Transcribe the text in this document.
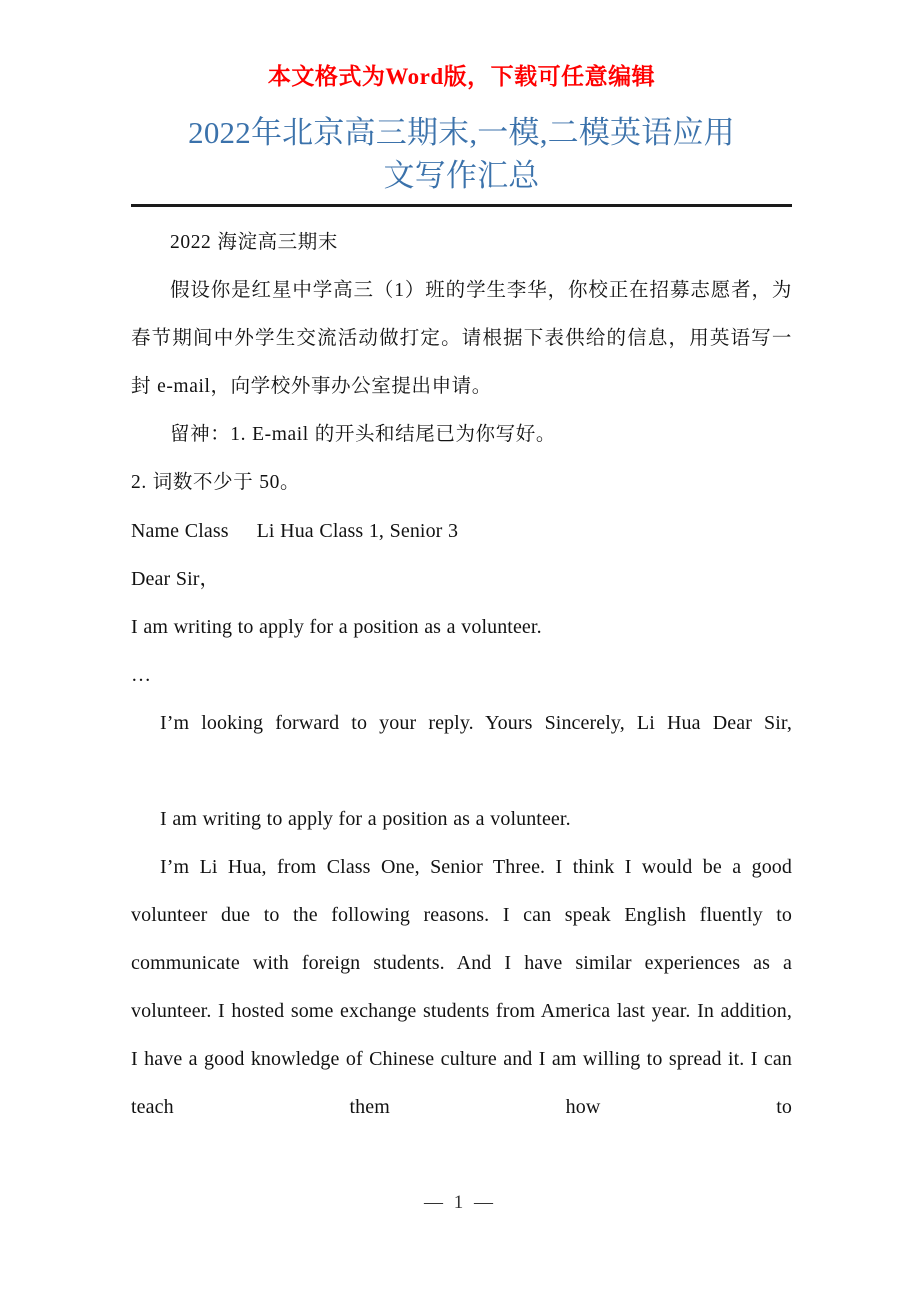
本文格式为Word版，下载可任意编辑
2022年北京高三期末,一模,二模英语应用
文写作汇总

2022 海淀高三期末

假设你是红星中学高三（1）班的学生李华，你校正在招募志愿者，为春节期间中外学生交流活动做打定。请根据下表供给的信息，用英语写一封 e-mail，向学校外事办公室提出申请。

留神：1. E-mail 的开头和结尾已为你写好。

2. 词数不少于 50。

Name Class Li Hua Class 1, Senior 3

Dear Sir，

I am writing to apply for a position as a volunteer.

…

I’m looking forward to your reply. Yours Sincerely, Li Hua Dear Sir,

I am writing to apply for a position as a volunteer.

I’m Li Hua, from Class One, Senior Three. I think I would be a good volunteer due to the following reasons. I can speak English fluently to communicate with foreign students. And I have similar experiences as a volunteer. I hosted some exchange students from America last year. In addition, I have a good knowledge of Chinese culture and I am willing to spread it. I can teach them how to

— 1 —
